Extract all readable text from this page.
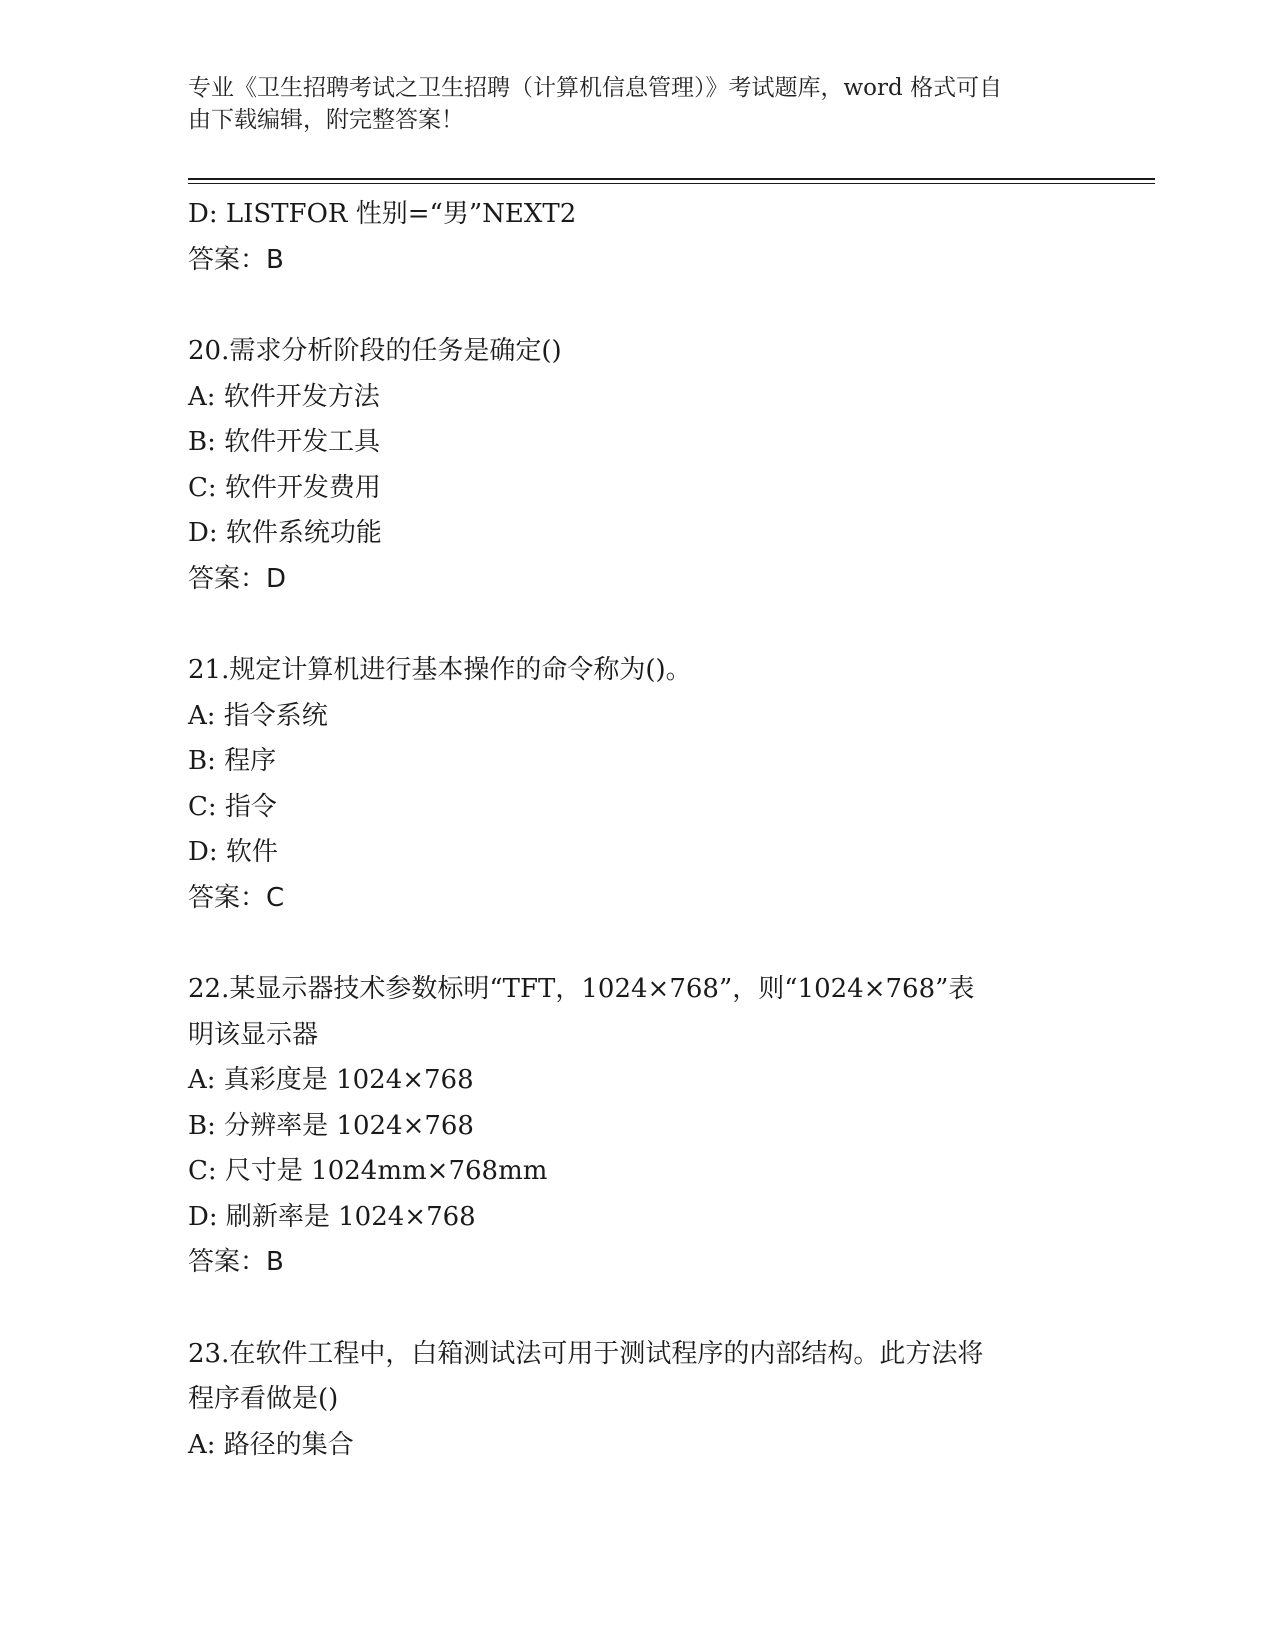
专业《卫生招聘考试之卫生招聘（计算机信息管理）》考试题库，word 格式可自
由下载编辑，附完整答案！
D: LISTFOR 性别=“男”NEXT2
答案：B
20.需求分析阶段的任务是确定()
A: 软件开发方法
B: 软件开发工具
C: 软件开发费用
D: 软件系统功能
答案：D
21.规定计算机进行基本操作的命令称为()。
A: 指令系统
B: 程序
C: 指令
D: 软件
答案：C
22.某显示器技术参数标明“TFT，1024×768”，则“1024×768”表
明该显示器
A: 真彩度是 1024×768
B: 分辨率是 1024×768
C: 尺寸是 1024mm×768mm
D: 刷新率是 1024×768
答案：B
23.在软件工程中，白箱测试法可用于测试程序的内部结构。此方法将
程序看做是()
A: 路径的集合
